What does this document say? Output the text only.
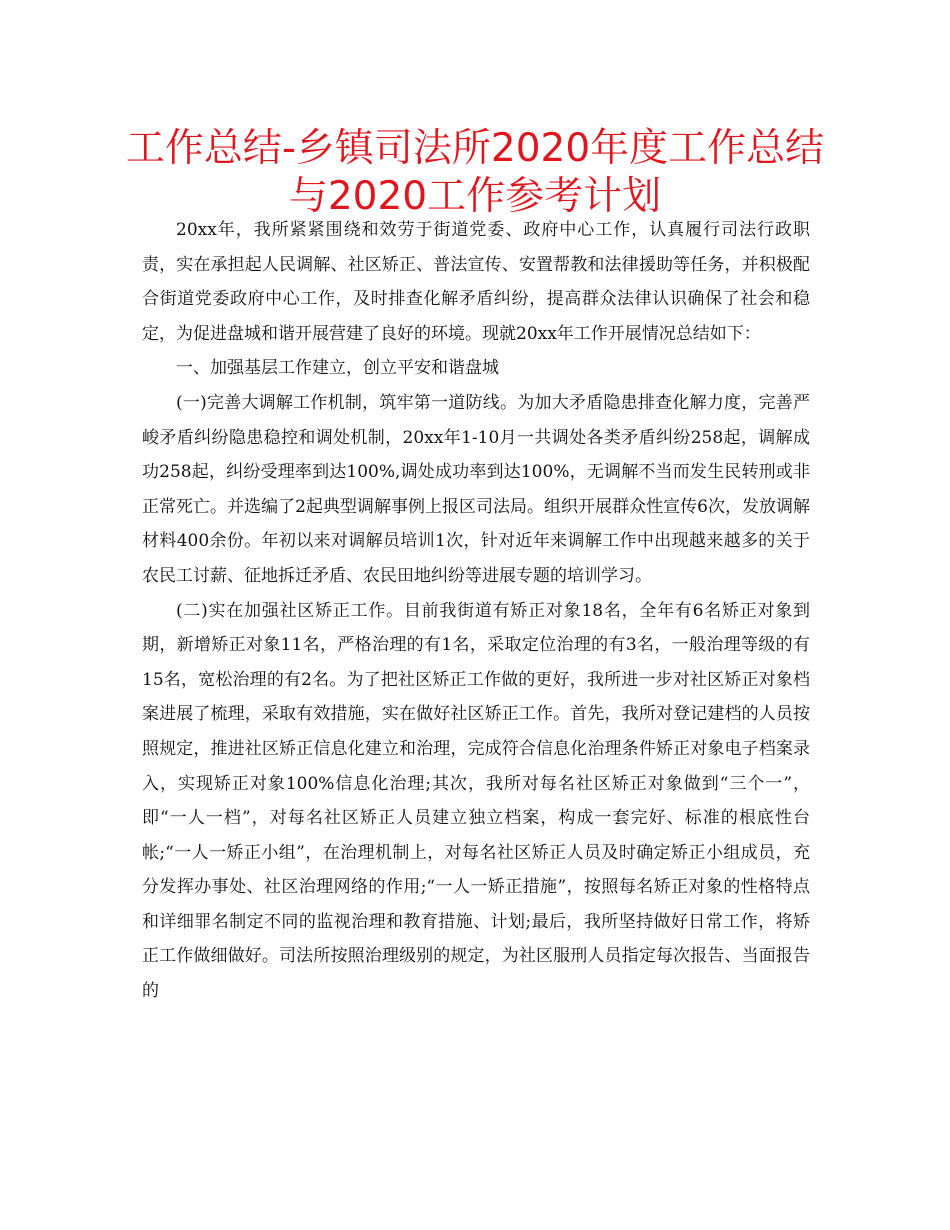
工作总结-乡镇司法所2020年度工作总结
与2020工作参考计划

20xx年，我所紧紧围绕和效劳于街道党委、政府中心工作，认真履行司法行政职责，实在承担起人民调解、社区矫正、普法宣传、安置帮教和法律援助等任务，并积极配合街道党委政府中心工作，及时排查化解矛盾纠纷，提高群众法律认识确保了社会和稳定，为促进盘城和谐开展营建了良好的环境。现就20xx年工作开展情况总结如下：

一、加强基层工作建立，创立平安和谐盘城

(一)完善大调解工作机制，筑牢第一道防线。为加大矛盾隐患排查化解力度，完善严峻矛盾纠纷隐患稳控和调处机制，20xx年1-10月一共调处各类矛盾纠纷258起，调解成功258起，纠纷受理率到达100%,调处成功率到达100%，无调解不当而发生民转刑或非正常死亡。并选编了2起典型调解事例上报区司法局。组织开展群众性宣传6次，发放调解材料400余份。年初以来对调解员培训1次，针对近年来调解工作中出现越来越多的关于农民工讨薪、征地拆迁矛盾、农民田地纠纷等进展专题的培训学习。

(二)实在加强社区矫正工作。目前我街道有矫正对象18名，全年有6名矫正对象到期，新增矫正对象11名，严格治理的有1名，采取定位治理的有3名，一般治理等级的有15名，宽松治理的有2名。为了把社区矫正工作做的更好，我所进一步对社区矫正对象档案进展了梳理，采取有效措施，实在做好社区矫正工作。首先，我所对登记建档的人员按照规定，推进社区矫正信息化建立和治理，完成符合信息化治理条件矫正对象电子档案录入，实现矫正对象100%信息化治理;其次，我所对每名社区矫正对象做到“三个一”，即“一人一档”，对每名社区矫正人员建立独立档案，构成一套完好、标准的根底性台帐;“一人一矫正小组”，在治理机制上，对每名社区矫正人员及时确定矫正小组成员，充分发挥办事处、社区治理网络的作用;“一人一矫正措施”，按照每名矫正对象的性格特点和详细罪名制定不同的监视治理和教育措施、计划;最后，我所坚持做好日常工作，将矫正工作做细做好。司法所按照治理级别的规定，为社区服刑人员指定每次报告、当面报告的
